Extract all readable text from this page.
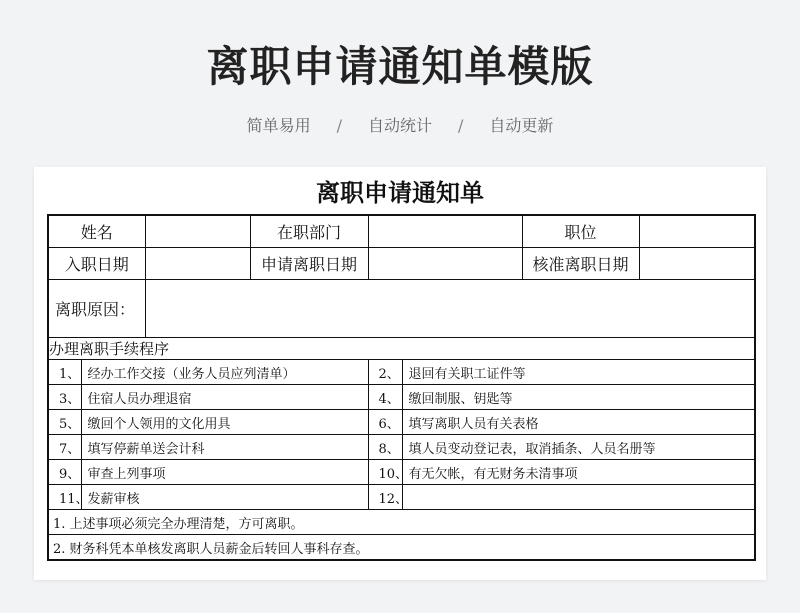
离职申请通知单模版
简单易用 / 自动统计 / 自动更新
离职申请通知单
姓名			在职部门			职位	
入职日期			申请离职日期			核准离职日期	
离职原因：							
办理离职手续程序							
1、	经办工作交接（业务人员应列清单）			2、	退回有关职工证件等		
3、	住宿人员办理退宿			4、	缴回制服、钥匙等		
5、	缴回个人领用的文化用具			6、	填写离职人员有关表格		
7、	填写停薪单送会计科			8、	填人员变动登记表，取消插条、人员名册等		
9、	审查上列事项			10、	有无欠帐，有无财务未清事项		
11、	发薪审核			12、			
1. 上述事项必须完全办理清楚，方可离职。							
2. 财务科凭本单核发离职人员薪金后转回人事科存查。							
